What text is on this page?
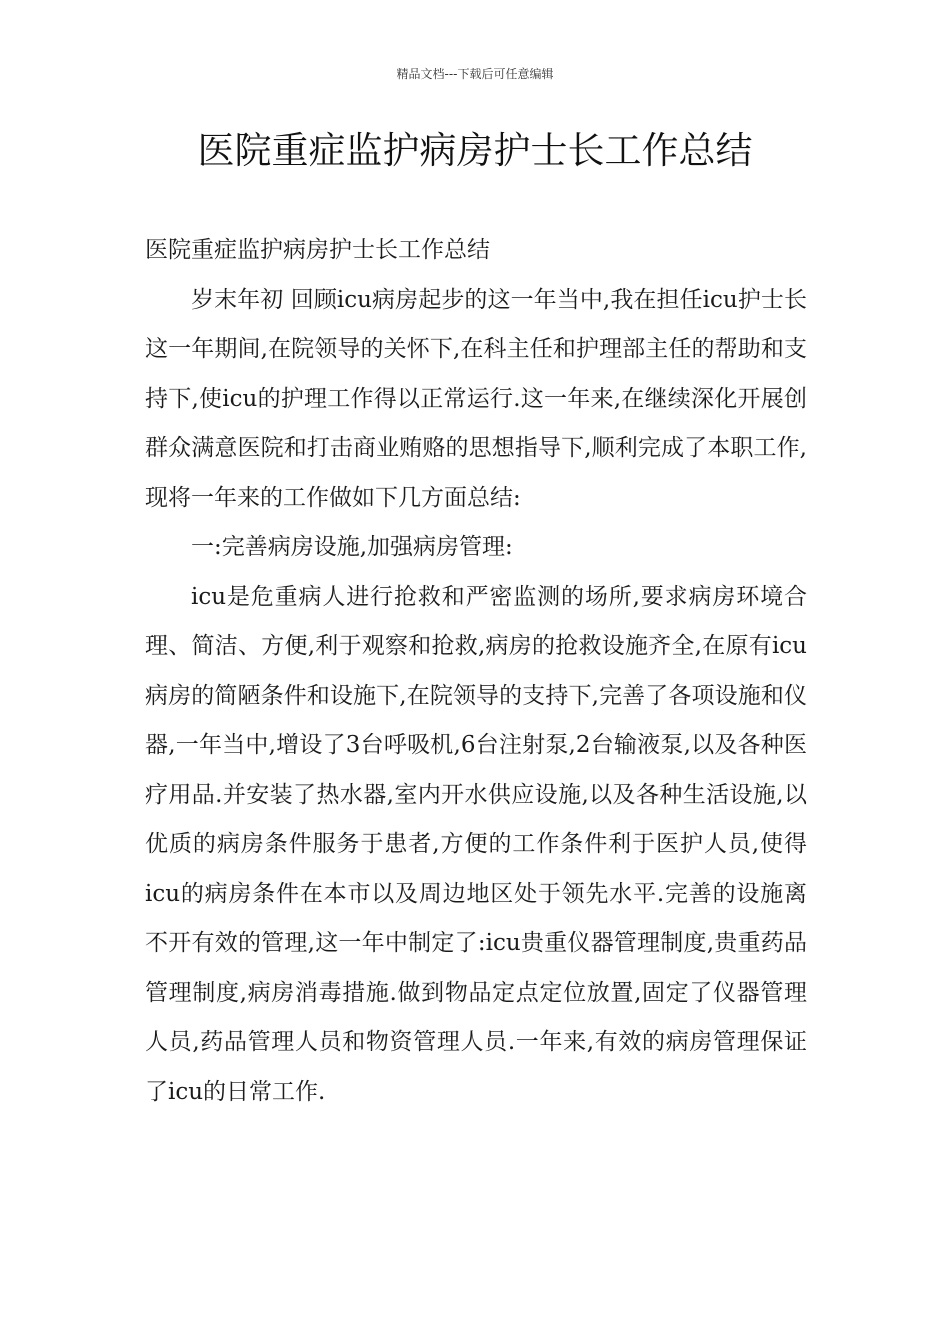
精品文档---下载后可任意编辑
医院重症监护病房护士长工作总结

医院重症监护病房护士长工作总结

岁末年初 回顾icu病房起步的这一年当中,我在担任icu护士长这一年期间,在院领导的关怀下,在科主任和护理部主任的帮助和支持下,使icu的护理工作得以正常运行.这一年来,在继续深化开展创群众满意医院和打击商业贿赂的思想指导下,顺利完成了本职工作,现将一年来的工作做如下几方面总结:

一:完善病房设施,加强病房管理:

icu是危重病人进行抢救和严密监测的场所,要求病房环境合理、简洁、方便,利于观察和抢救,病房的抢救设施齐全,在原有icu病房的简陋条件和设施下,在院领导的支持下,完善了各项设施和仪器,一年当中,增设了3台呼吸机,6台注射泵,2台输液泵,以及各种医疗用品.并安装了热水器,室内开水供应设施,以及各种生活设施,以优质的病房条件服务于患者,方便的工作条件利于医护人员,使得icu的病房条件在本市以及周边地区处于领先水平.完善的设施离不开有效的管理,这一年中制定了:icu贵重仪器管理制度,贵重药品管理制度,病房消毒措施.做到物品定点定位放置,固定了仪器管理人员,药品管理人员和物资管理人员.一年来,有效的病房管理保证了icu的日常工作.
